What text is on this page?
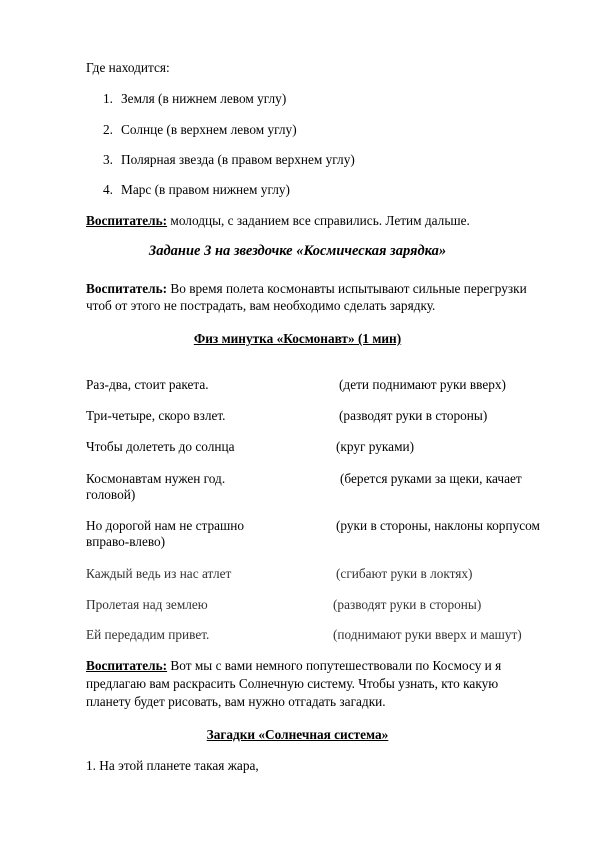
Где находится:
1. Земля (в нижнем левом углу)
2. Солнце (в верхнем левом углу)
3. Полярная звезда (в правом верхнем углу)
4. Марс (в правом нижнем углу)
Воспитатель: молодцы, с заданием все справились. Летим дальше.
Задание 3 на звездочке «Космическая зарядка»
Воспитатель: Во время полета космонавты испытывают сильные перегрузки
чтоб от этого не пострадать, вам необходимо сделать зарядку.
Физ минутка «Космонавт» (1 мин)
Раз-два, стоит ракета.	(дети поднимают руки вверх)
Три-четыре, скоро взлет.	(разводят руки в стороны)
Чтобы долететь до солнца	(круг руками)
Космонавтам нужен год.	(берется руками за щеки, качает
головой)
Но дорогой нам не страшно	(руки в стороны, наклоны корпусом
вправо-влево)
Каждый ведь из нас атлет	(сгибают руки в локтях)
Пролетая над землею	(разводят руки в стороны)
Ей передадим привет.	(поднимают руки вверх и машут)
Воспитатель: Вот мы с вами немного попутешествовали по Космосу и я
предлагаю вам раскрасить Солнечную систему. Чтобы узнать, кто какую
планету будет рисовать, вам нужно отгадать загадки.
Загадки «Солнечная система»
1. На этой планете такая жара,
